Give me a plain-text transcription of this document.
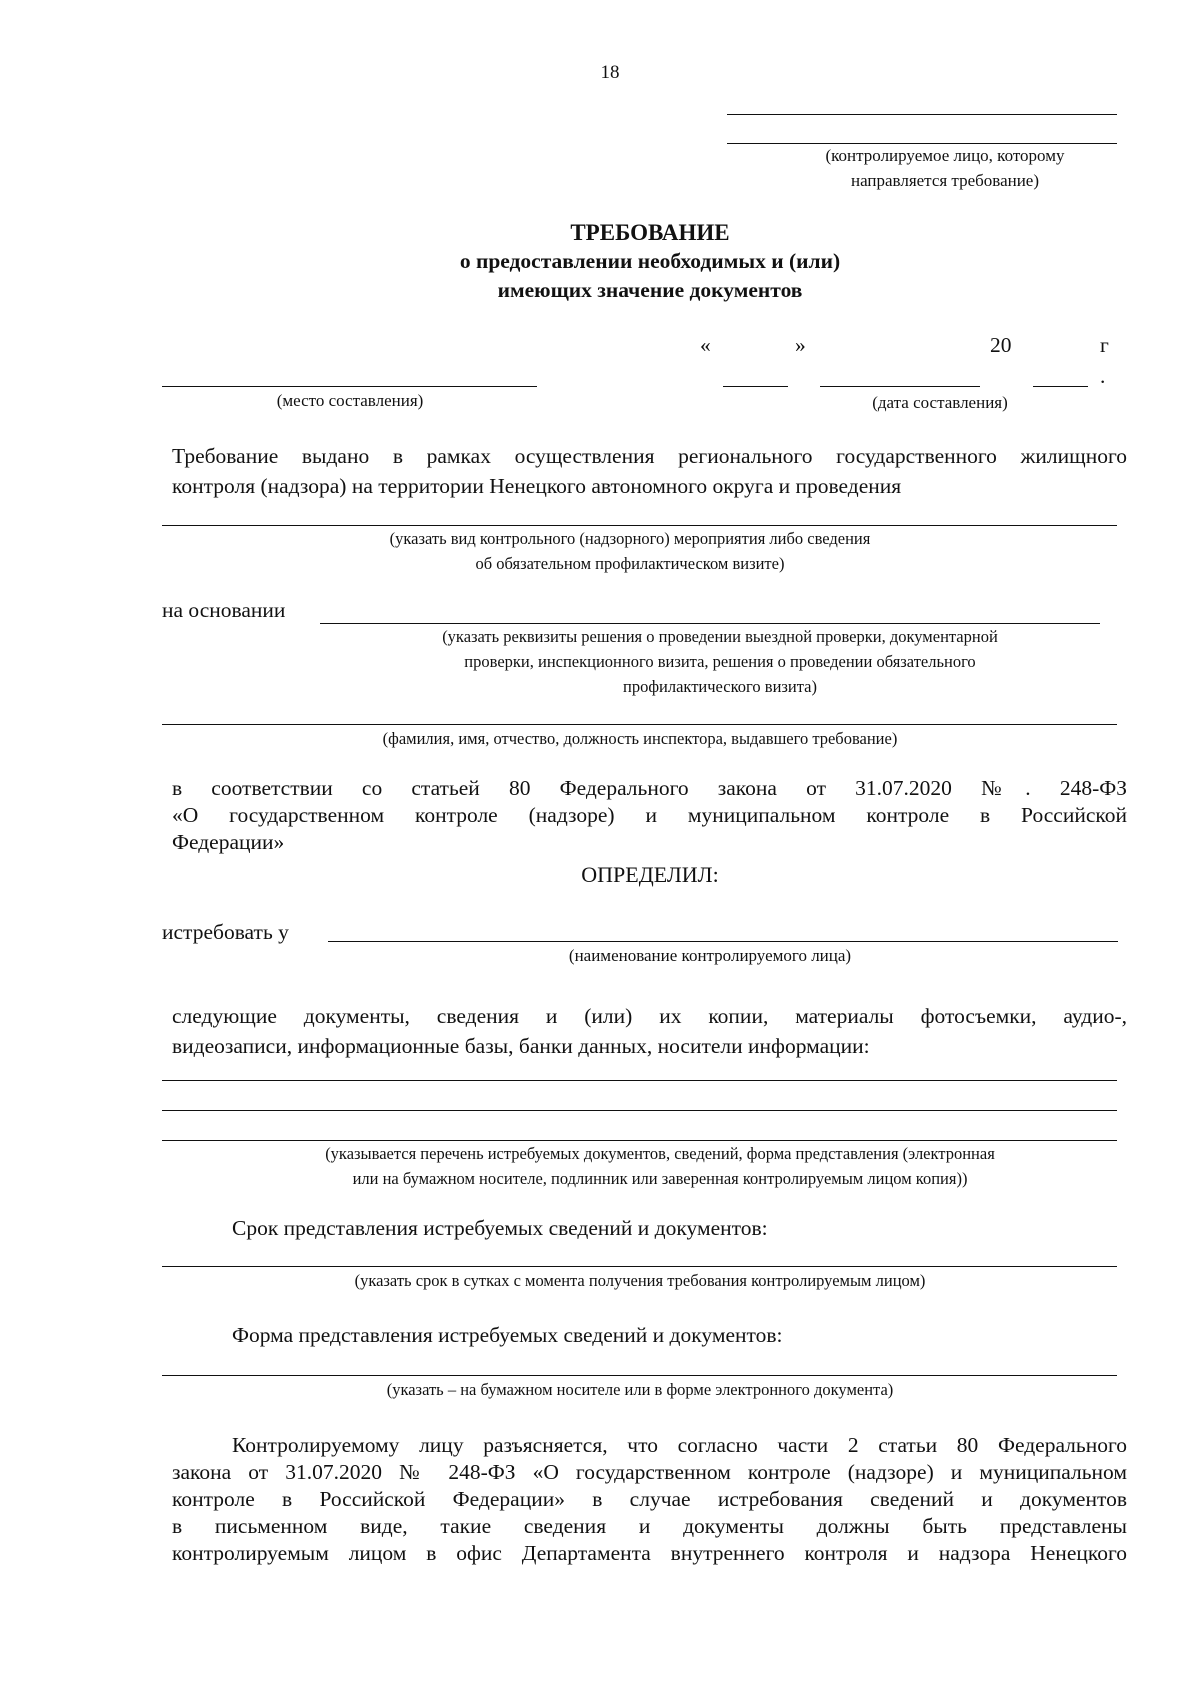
18
(контролируемое лицо, которому
направляется требование)
ТРЕБОВАНИЕ
о предоставлении необходимых и (или)
имеющих значение документов
«	»	20	г
.
(место составления)	(дата составления)
Требование выдано в рамках осуществления регионального государственного жилищного
контроля (надзора) на территории Ненецкого автономного округа и проведения
(указать вид контрольного (надзорного) мероприятия либо сведения
об обязательном профилактическом визите)
на основании
(указать реквизиты решения о проведении выездной проверки, документарной
проверки, инспекционного визита, решения о проведении обязательного
профилактического визита)
(фамилия, имя, отчество, должность инспектора, выдавшего требование)
в соответствии со статьей 80 Федерального закона от 31.07.2020 №. 248-ФЗ
«О государственном контроле (надзоре) и муниципальном контроле в Российской
Федерации»
ОПРЕДЕЛИЛ:
истребовать у
(наименование контролируемого лица)
следующие документы, сведения и (или) их копии, материалы фотосъемки, аудио-,
видеозаписи, информационные базы, банки данных, носители информации:
(указывается перечень истребуемых документов, сведений, форма представления (электронная
или на бумажном носителе, подлинник или заверенная контролируемым лицом копия))
Срок представления истребуемых сведений и документов:
(указать срок в сутках с момента получения требования контролируемым лицом)
Форма представления истребуемых сведений и документов:
(указать – на бумажном носителе или в форме электронного документа)
Контролируемому лицу разъясняется, что согласно части 2 статьи 80 Федерального
закона от 31.07.2020 № 248-ФЗ «О государственном контроле (надзоре) и муниципальном
контроле в Российской Федерации» в случае истребования сведений и документов
в письменном виде, такие сведения и документы должны быть представлены
контролируемым лицом в офис Департамента внутреннего контроля и надзора Ненецкого
